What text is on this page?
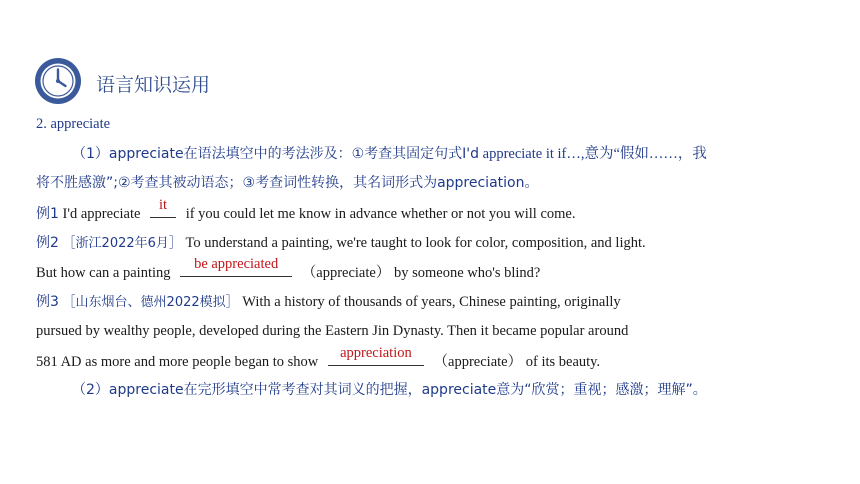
语言知识运用
2. appreciate
（1）appreciate在语法填空中的考法涉及：①考查其固定句式I'd appreciate it if…,意为“假如……，我
将不胜感激”;②考查其被动语态；③考查词性转换，其名词形式为appreciation。
例1 I'd appreciate
it
if you could let me know in advance whether or not you will come.
例2 ［浙江2022年6月］ To understand a painting, we're taught to look for color, composition, and light.
But how can a painting
be appreciated
（appreciate） by someone who's blind?
例3 ［山东烟台、德州2022模拟］ With a history of thousands of years, Chinese painting, originally
pursued by wealthy people, developed during the Eastern Jin Dynasty. Then it became popular around
581 AD as more and more people began to show
appreciation
（appreciate） of its beauty.
（2）appreciate在完形填空中常考查对其词义的把握，appreciate意为“欣赏；重视；感激；理解”。
